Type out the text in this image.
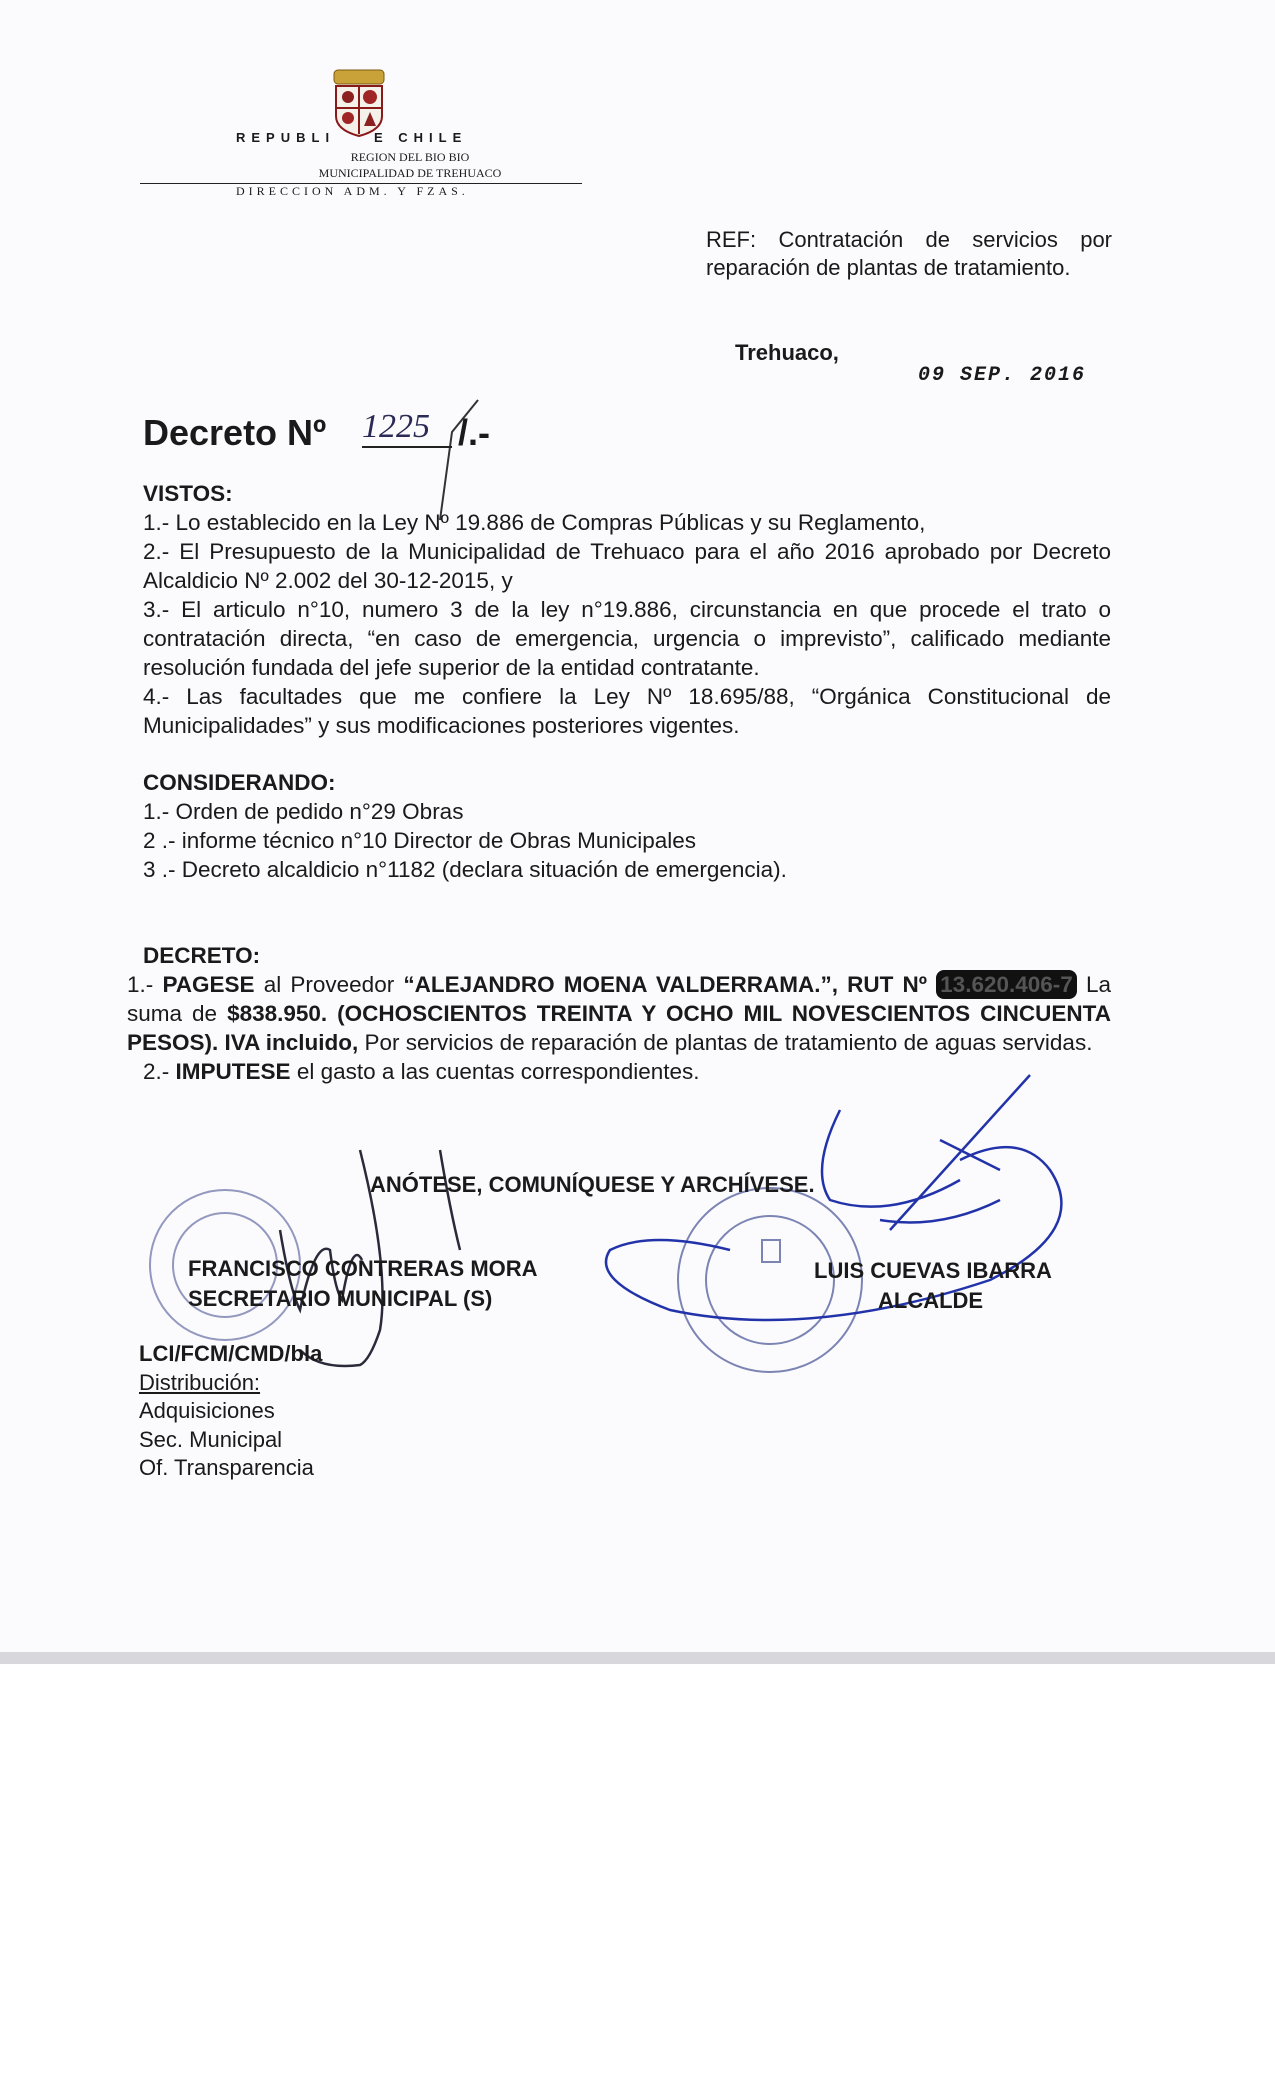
REPUBLI	E CHILE
REGION DEL BIO BIO
MUNICIPALIDAD DE TREHUACO
DIRECCION ADM. Y FZAS.
REF: Contratación de servicios por reparación de plantas de tratamiento.
Trehuaco,
09 SEP. 2016
Decreto Nº 1225 /.-

VISTOS:

1.- Lo establecido en la Ley Nº 19.886 de Compras Públicas y su Reglamento,

2.- El Presupuesto de la Municipalidad de Trehuaco para el año 2016 aprobado por Decreto Alcaldicio Nº 2.002 del 30-12-2015, y

3.- El articulo n°10, numero 3 de la ley n°19.886, circunstancia en que procede el trato o contratación directa, “en caso de emergencia, urgencia o imprevisto”, calificado mediante resolución fundada del jefe superior de la entidad contratante.

4.- Las facultades que me confiere la Ley Nº 18.695/88, “Orgánica Constitucional de Municipalidades” y sus modificaciones posteriores vigentes.

CONSIDERANDO:

1.- Orden de pedido n°29 Obras

2 .- informe técnico n°10 Director de Obras Municipales

3 .- Decreto alcaldicio n°1182 (declara situación de emergencia).

DECRETO:

1.- PAGESE al Proveedor “ALEJANDRO MOENA VALDERRAMA.”, RUT Nº 13.620.406-7 La suma de $838.950. (OCHOSCIENTOS TREINTA Y OCHO MIL NOVESCIENTOS CINCUENTA PESOS). IVA incluido, Por servicios de reparación de plantas de tratamiento de aguas servidas.

2.- IMPUTESE el gasto a las cuentas correspondientes.

ANÓTESE, COMUNÍQUESE Y ARCHÍVESE.
FRANCISCO CONTRERAS MORA
SECRETARIO MUNICIPAL (S)
LUIS CUEVAS IBARRA
ALCALDE
LCI/FCM/CMD/bla
Distribución:
Adquisiciones
Sec. Municipal
Of. Transparencia
